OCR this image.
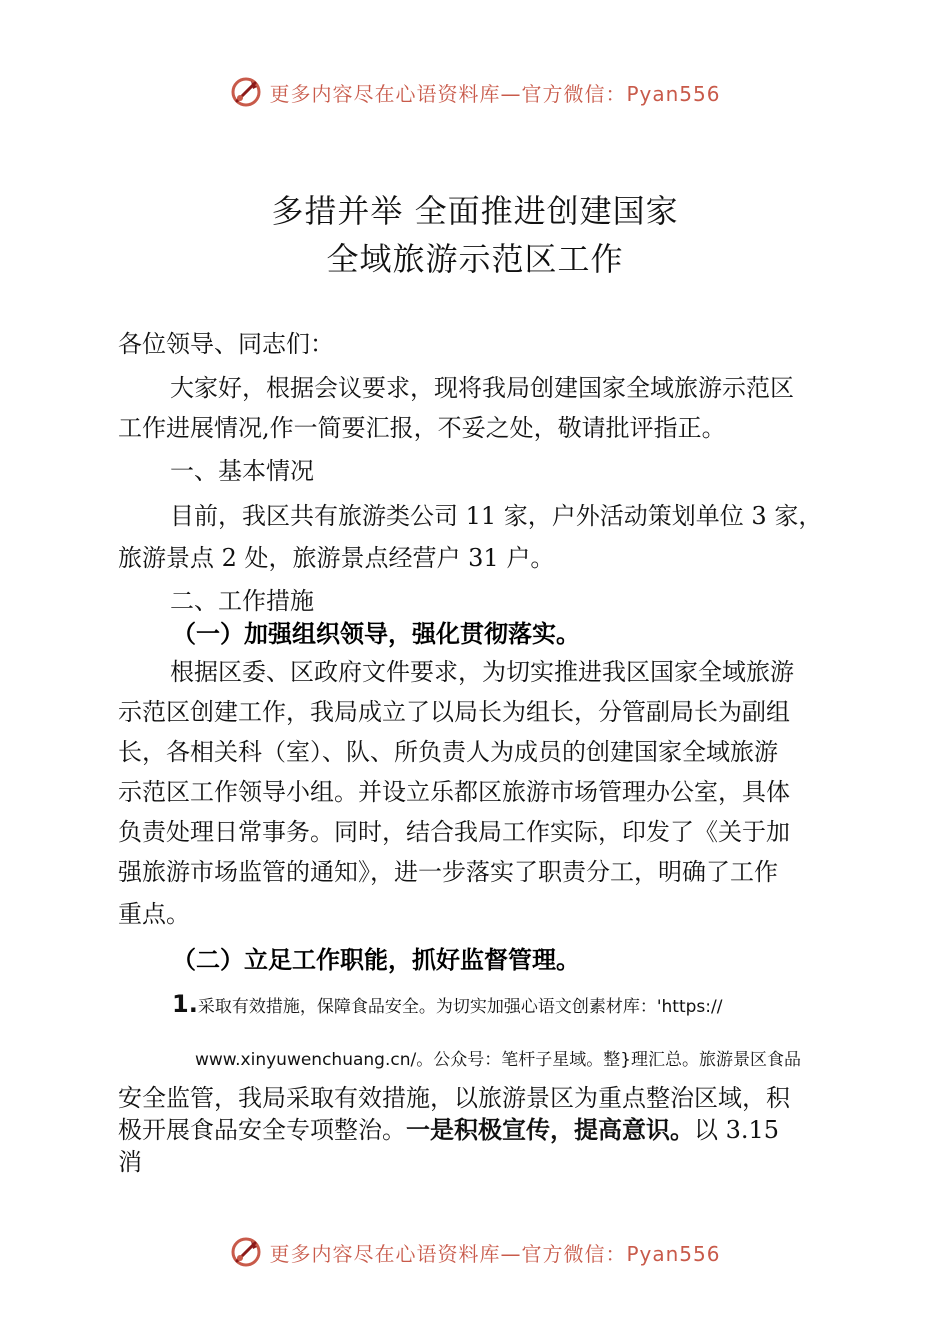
更多内容尽在心语资料库—官方微信：Pyan556
多措并举 全面推进创建国家
全域旅游示范区工作
各位领导、同志们：
大家好，根据会议要求，现将我局创建国家全域旅游示范区
工作进展情况,作一简要汇报，不妥之处，敬请批评指正。
一、基本情况
目前，我区共有旅游类公司 11 家，户外活动策划单位 3 家，
旅游景点 2 处，旅游景点经营户 31 户。
二、工作措施
（一）加强组织领导，强化贯彻落实。
根据区委、区政府文件要求，为切实推进我区国家全域旅游
示范区创建工作，我局成立了以局长为组长，分管副局长为副组
长，各相关科（室）、队、所负责人为成员的创建国家全域旅游
示范区工作领导小组。并设立乐都区旅游市场管理办公室，具体
负责处理日常事务。同时，结合我局工作实际，印发了《关于加
强旅游市场监管的通知》，进一步落实了职责分工，明确了工作
重点。
（二）立足工作职能，抓好监督管理。
1.采取有效措施，保障食品安全。为切实加强心语文创素材库：'https://
www.xinyuwenchuang.cn/。公众号：笔杆子星域。整}理汇总。旅游景区食品
安全监管，我局采取有效措施，以旅游景区为重点整治区域，积
极开展食品安全专项整治。一是积极宣传，提高意识。以 3.15
消
更多内容尽在心语资料库—官方微信：Pyan556
